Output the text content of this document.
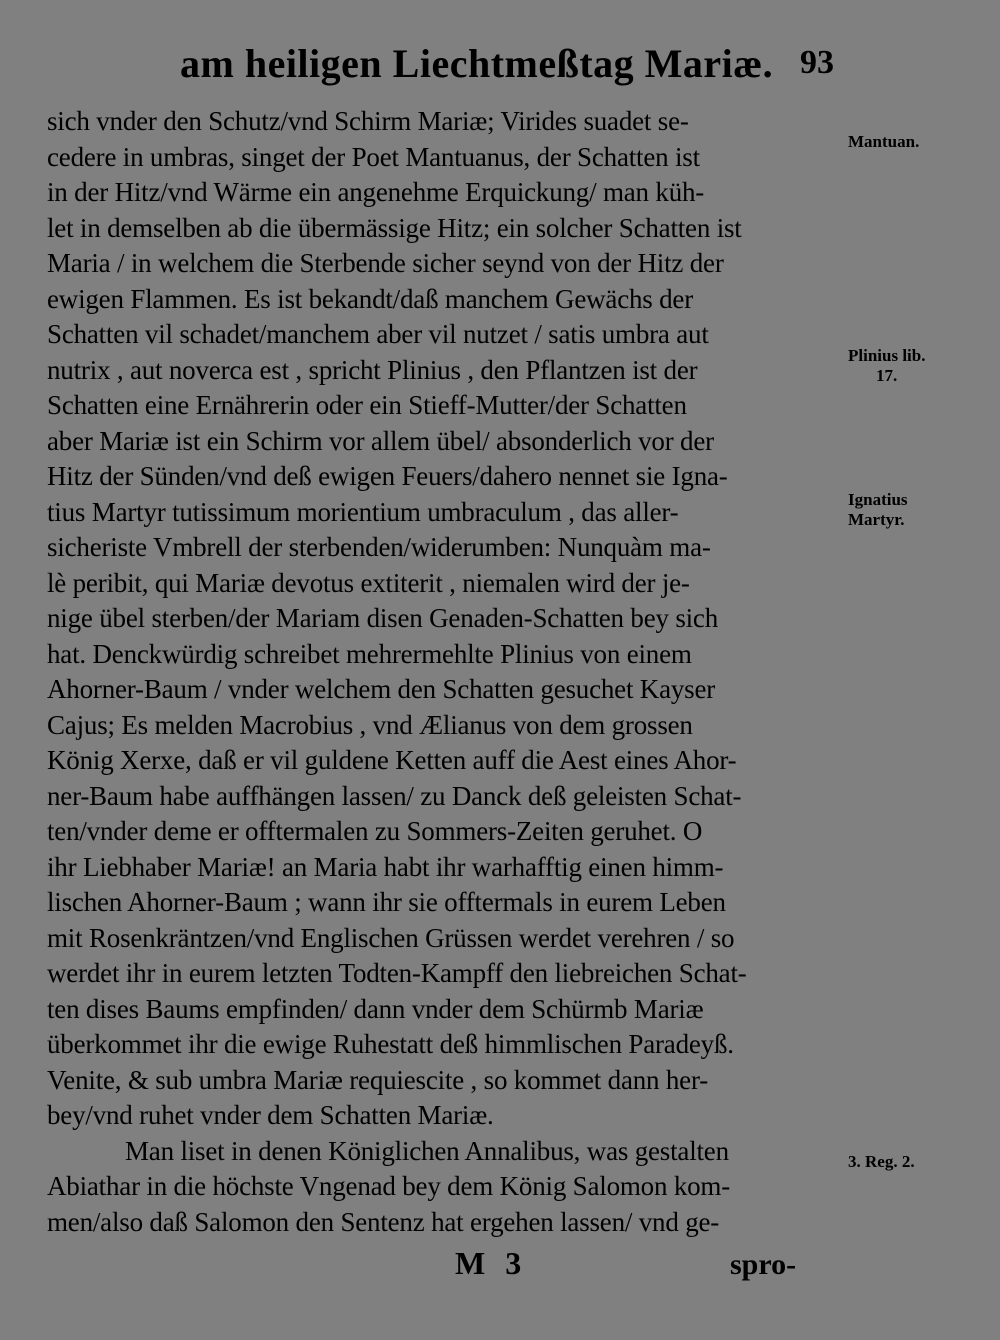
am heiligen Liechtmeßtag Mariæ. 93
sich vnder den Schutz/vnd Schirm Mariæ; Virides suadet se-
cedere in umbras, singet der Poet Mantuanus, der Schatten ist
in der Hitz/vnd Wärme ein angenehme Erquickung/ man küh-
let in demselben ab die übermässige Hitz; ein solcher Schatten ist
Maria / in welchem die Sterbende sicher seynd von der Hitz der
ewigen Flammen. Es ist bekandt/daß manchem Gewächs der
Schatten vil schadet/manchem aber vil nutzet / satis umbra aut
nutrix , aut noverca est , spricht Plinius , den Pflantzen ist der
Schatten eine Ernährerin oder ein Stieff-Mutter/der Schatten
aber Mariæ ist ein Schirm vor allem übel/ absonderlich vor der
Hitz der Sünden/vnd deß ewigen Feuers/dahero nennet sie Igna-
tius Martyr tutissimum morientium umbraculum , das aller-
sicheriste Vmbrell der sterbenden/widerumben: Nunquàm ma-
lè peribit, qui Mariæ devotus extiterit , niemalen wird der je-
nige übel sterben/der Mariam disen Genaden-Schatten bey sich
hat. Denckwürdig schreibet mehrermehlte Plinius von einem
Ahorner-Baum / vnder welchem den Schatten gesuchet Kayser
Cajus; Es melden Macrobius , vnd Ælianus von dem grossen
König Xerxe, daß er vil guldene Ketten auff die Aest eines Ahor-
ner-Baum habe auffhängen lassen/ zu Danck deß geleisten Schat-
ten/vnder deme er offtermalen zu Sommers-Zeiten geruhet. O
ihr Liebhaber Mariæ! an Maria habt ihr warhafftig einen himm-
lischen Ahorner-Baum ; wann ihr sie offtermals in eurem Leben
mit Rosenkräntzen/vnd Englischen Grüssen werdet verehren / so
werdet ihr in eurem letzten Todten-Kampff den liebreichen Schat-
ten dises Baums empfinden/ dann vnder dem Schürmb Mariæ
überkommet ihr die ewige Ruhestatt deß himmlischen Paradeyß.
Venite, & sub umbra Mariæ requiescite , so kommet dann her-
bey/vnd ruhet vnder dem Schatten Mariæ.
Man liset in denen Königlichen Annalibus, was gestalten
Abiathar in die höchste Vngenad bey dem König Salomon kom-
men/also daß Salomon den Sentenz hat ergehen lassen/ vnd ge-
Mantuan.
Plinius lib.
17.
Ignatius
Martyr.
3. Reg. 2.
M 3	spro-
